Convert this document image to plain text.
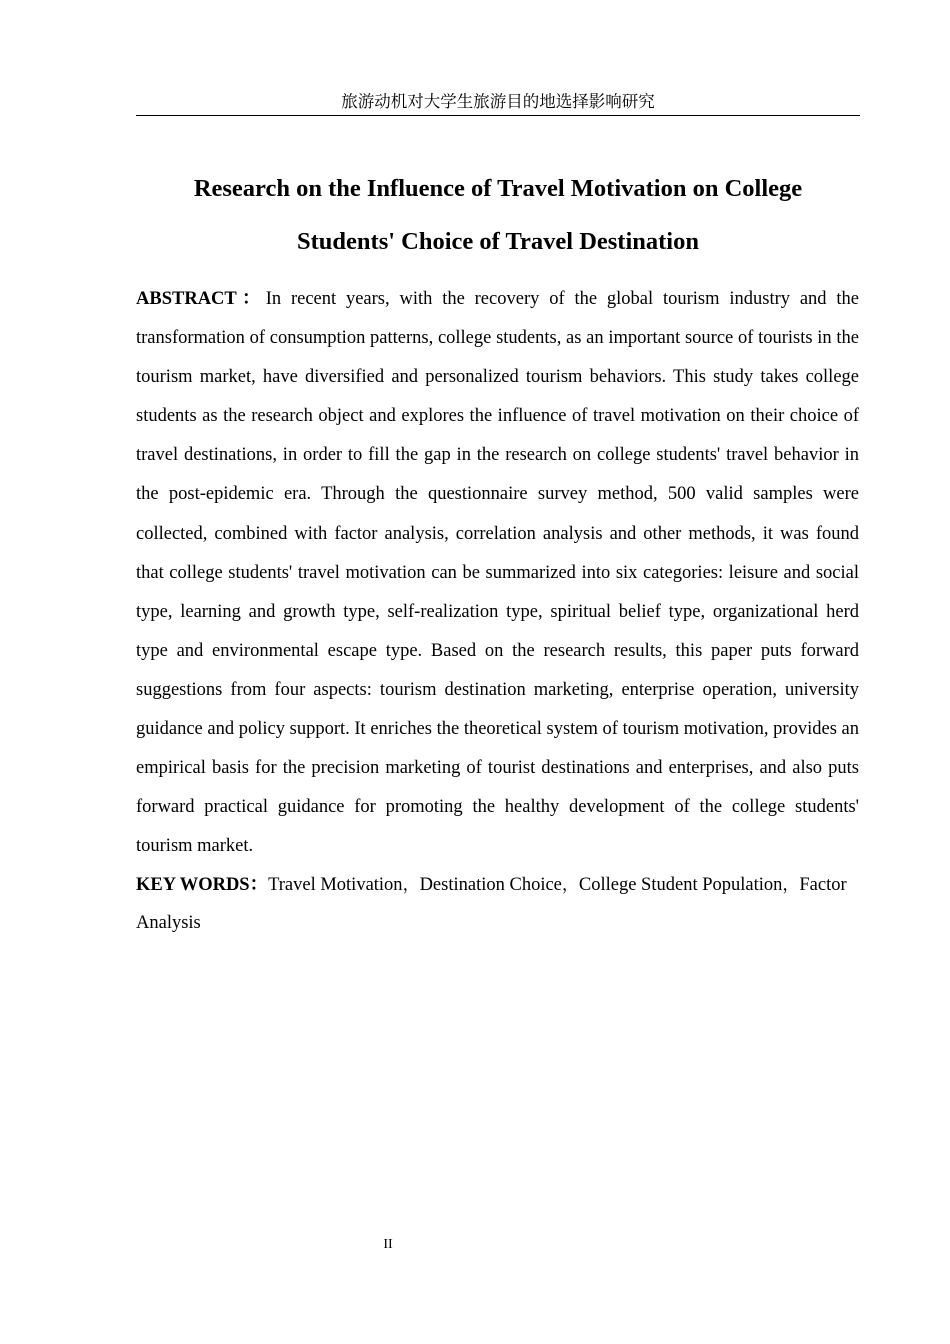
旅游动机对大学生旅游目的地选择影响研究
Research on the Influence of Travel Motivation on College
Students' Choice of Travel Destination

ABSTRACT：In recent years, with the recovery of the global tourism industry and the transformation of consumption patterns, college students, as an important source of tourists in the tourism market, have diversified and personalized tourism behaviors. This study takes college students as the research object and explores the influence of travel motivation on their choice of travel destinations, in order to fill the gap in the research on college students' travel behavior in the post-epidemic era. Through the questionnaire survey method, 500 valid samples were collected, combined with factor analysis, correlation analysis and other methods, it was found that college students' travel motivation can be summarized into six categories: leisure and social type, learning and growth type, self-realization type, spiritual belief type, organizational herd type and environmental escape type. Based on the research results, this paper puts forward suggestions from four aspects: tourism destination marketing, enterprise operation, university guidance and policy support. It enriches the theoretical system of tourism motivation, provides an empirical basis for the precision marketing of tourist destinations and enterprises, and also puts forward practical guidance for promoting the healthy development of the college students' tourism market.

KEY WORDS：Travel Motivation，Destination Choice，College Student Population，Factor Analysis

II
